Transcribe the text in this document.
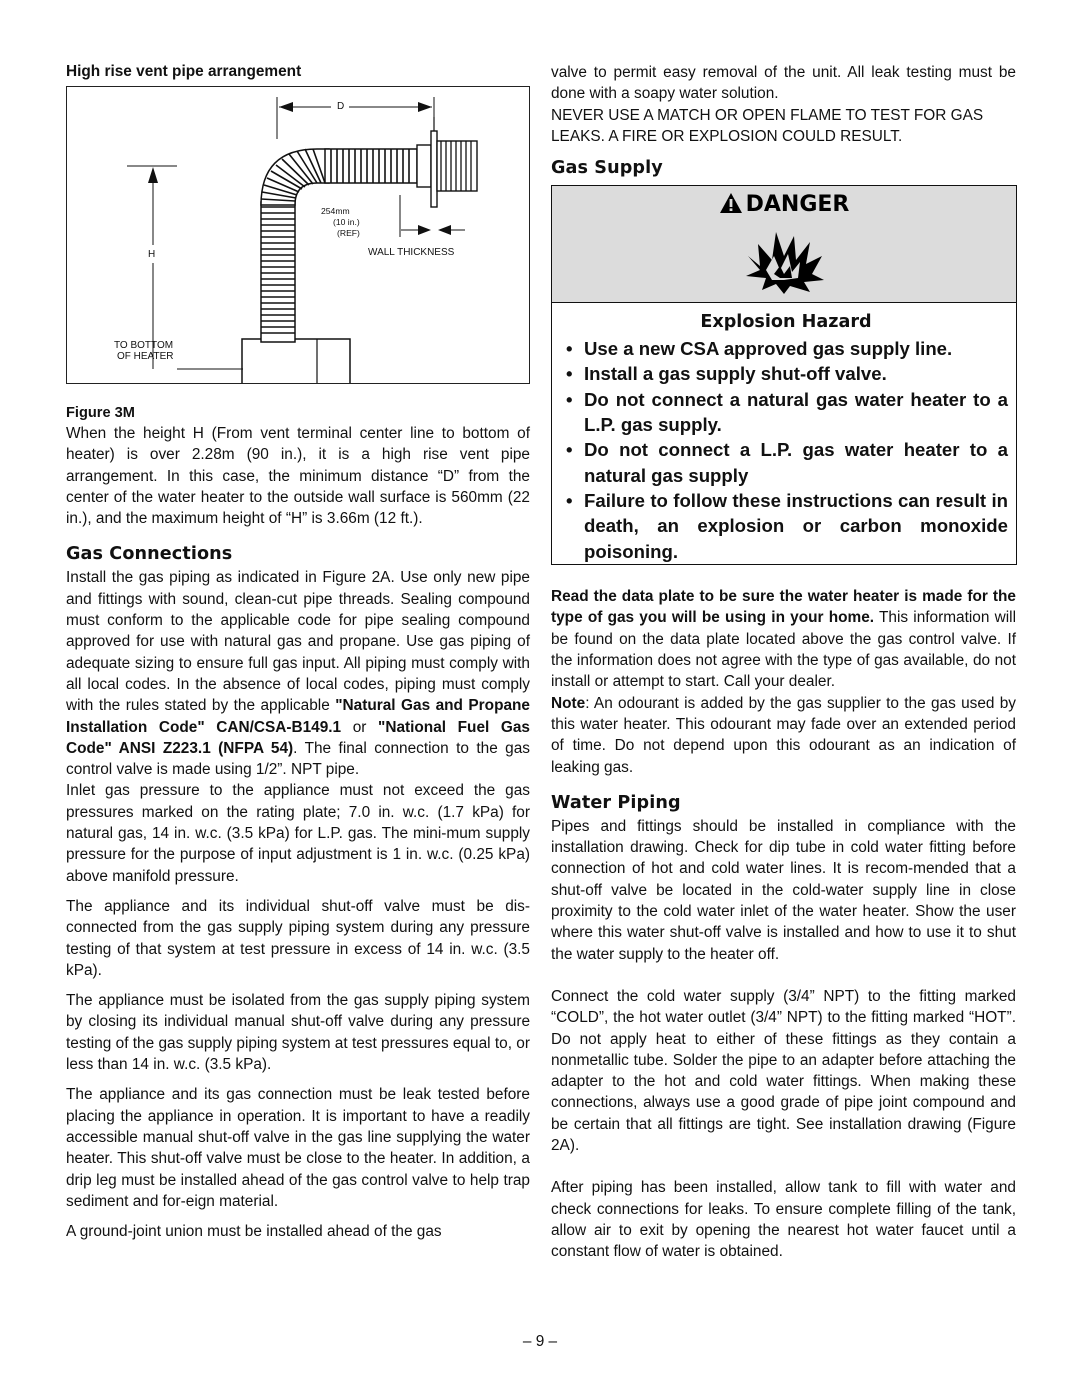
High rise vent pipe arrangement
D
H
254mm
(10 in.)
(REF)
WALL THICKNESS
TO BOTTOM
OF HEATER
Figure 3M

When the height H (From vent terminal center line to bottom of heater) is over 2.28m (90 in.), it is a high rise vent pipe arrangement. In this case, the minimum distance “D” from the center of the water heater to the outside wall surface is 560mm (22 in.), and the maximum height of “H” is 3.66m (12 ft.).

Gas Connections

Install the gas piping as indicated in Figure 2A. Use only new pipe and fittings with sound, clean-cut pipe threads. Sealing compound must conform to the applicable code for pipe sealing compound approved for use with natural gas and propane. Use gas piping of adequate sizing to ensure full gas input. All piping must comply with all local codes. In the absence of local codes, piping must comply with the rules stated by the applicable "Natural Gas and Propane Installation Code" CAN/CSA-B149.1 or "National Fuel Gas Code" ANSI Z223.1 (NFPA 54). The final connection to the gas control valve is made using 1/2”. NPT pipe.

Inlet gas pressure to the appliance must not exceed the gas pressures marked on the rating plate; 7.0 in. w.c. (1.7 kPa) for natural gas, 14 in. w.c. (3.5 kPa) for L.P. gas. The mini-mum supply pressure for the purpose of input adjustment is 1 in. w.c. (0.25 kPa) above manifold pressure.

The appliance and its individual shut-off valve must be dis-connected from the gas supply piping system during any pressure testing of that system at test pressure in excess of 14 in. w.c. (3.5 kPa).

The appliance must be isolated from the gas supply piping system by closing its individual manual shut-off valve during any pressure testing of the gas supply piping system at test pressures equal to, or less than 14 in. w.c. (3.5 kPa).

The appliance and its gas connection must be leak tested before placing the appliance in operation. It is important to have a readily accessible manual shut-off valve in the gas line supplying the water heater. This shut-off valve must be close to the heater. In addition, a drip leg must be installed ahead of the gas control valve to help trap sediment and for-eign material.

A ground-joint union must be installed ahead of the gas

valve to permit easy removal of the unit. All leak testing must be done with a soapy water solution.

NEVER USE A MATCH OR OPEN FLAME TO TEST FOR GAS LEAKS. A FIRE OR EXPLOSION COULD RESULT.

Gas Supply
DANGER
Explosion Hazard
• Use a new CSA approved gas supply line.
• Install a gas supply shut-off valve.
• Do not connect a natural gas water heater to a L.P. gas supply.
• Do not connect a L.P. gas water heater to a natural gas supply
• Failure to follow these instructions can result in death, an explosion or carbon monoxide poisoning.

Read the data plate to be sure the water heater is made for the type of gas you will be using in your home. This information will be found on the data plate located above the gas control valve. If the information does not agree with the type of gas available, do not install or attempt to start. Call your dealer.

Note: An odourant is added by the gas supplier to the gas used by this water heater. This odourant may fade over an extended period of time. Do not depend upon this odourant as an indication of leaking gas.

Water Piping

Pipes and fittings should be installed in compliance with the installation drawing. Check for dip tube in cold water fitting before connection of hot and cold water lines. It is recom-mended that a shut-off valve be located in the cold-water supply line in close proximity to the cold water inlet of the water heater. Show the user where this water shut-off valve is installed and how to use it to shut the water supply to the heater off.

Connect the cold water supply (3/4” NPT) to the fitting marked “COLD”, the hot water outlet (3/4” NPT) to the fitting marked “HOT”. Do not apply heat to either of these fittings as they contain a nonmetallic tube. Solder the pipe to an adapter before attaching the adapter to the hot and cold water fittings. When making these connections, always use a good grade of pipe joint compound and be certain that all fittings are tight. See installation drawing (Figure 2A).

After piping has been installed, allow tank to fill with water and check connections for leaks. To ensure complete filling of the tank, allow air to exit by opening the nearest hot water faucet until a constant flow of water is obtained.

– 9 –
